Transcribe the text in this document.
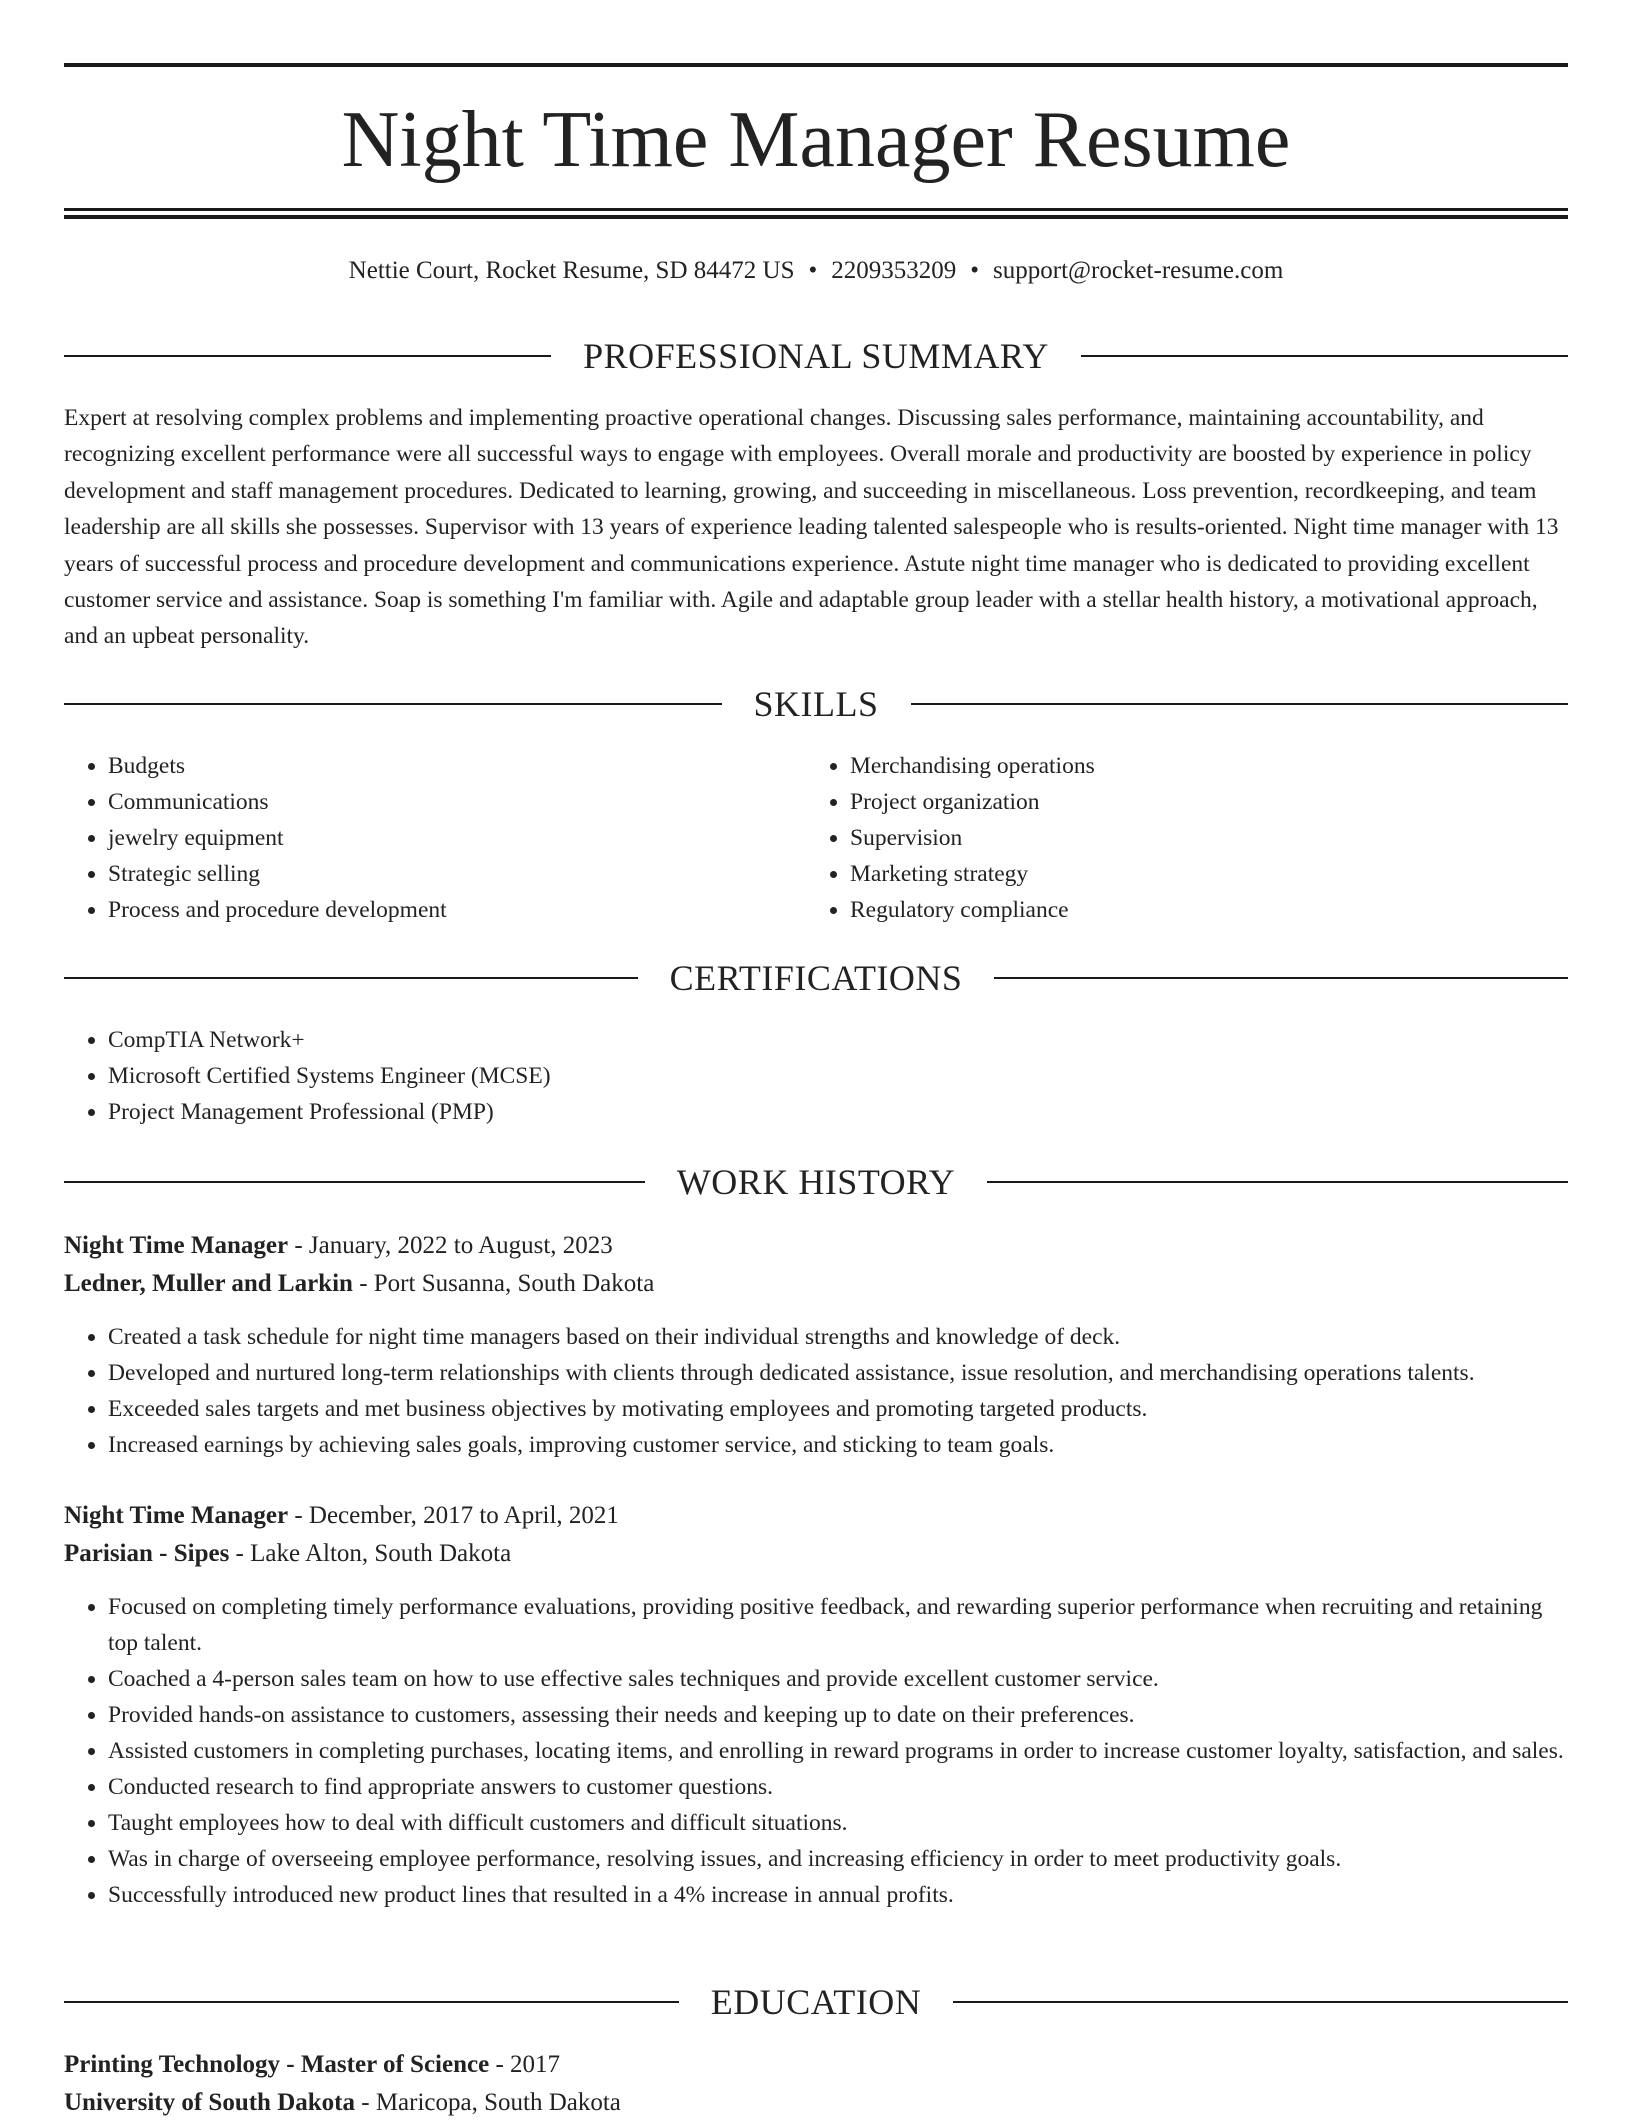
Night Time Manager Resume
Nettie Court, Rocket Resume, SD 84472 US • 2209353209 • support@rocket-resume.com
PROFESSIONAL SUMMARY

Expert at resolving complex problems and implementing proactive operational changes. Discussing sales performance, maintaining accountability, and recognizing excellent performance were all successful ways to engage with employees. Overall morale and productivity are boosted by experience in policy development and staff management procedures. Dedicated to learning, growing, and succeeding in miscellaneous. Loss prevention, recordkeeping, and team leadership are all skills she possesses. Supervisor with 13 years of experience leading talented salespeople who is results-oriented. Night time manager with 13 years of successful process and procedure development and communications experience. Astute night time manager who is dedicated to providing excellent customer service and assistance. Soap is something I'm familiar with. Agile and adaptable group leader with a stellar health history, a motivational approach, and an upbeat personality.

SKILLS
• Budgets
• Communications
• jewelry equipment
• Strategic selling
• Process and procedure development
• Merchandising operations
• Project organization
• Supervision
• Marketing strategy
• Regulatory compliance
CERTIFICATIONS
• CompTIA Network+
• Microsoft Certified Systems Engineer (MCSE)
• Project Management Professional (PMP)
WORK HISTORY
Night Time Manager - January, 2022 to August, 2023
Ledner, Muller and Larkin - Port Susanna, South Dakota
• Created a task schedule for night time managers based on their individual strengths and knowledge of deck.
• Developed and nurtured long-term relationships with clients through dedicated assistance, issue resolution, and merchandising operations talents.
• Exceeded sales targets and met business objectives by motivating employees and promoting targeted products.
• Increased earnings by achieving sales goals, improving customer service, and sticking to team goals.
Night Time Manager - December, 2017 to April, 2021
Parisian - Sipes - Lake Alton, South Dakota
• Focused on completing timely performance evaluations, providing positive feedback, and rewarding superior performance when recruiting and retaining top talent.
• Coached a 4-person sales team on how to use effective sales techniques and provide excellent customer service.
• Provided hands-on assistance to customers, assessing their needs and keeping up to date on their preferences.
• Assisted customers in completing purchases, locating items, and enrolling in reward programs in order to increase customer loyalty, satisfaction, and sales.
• Conducted research to find appropriate answers to customer questions.
• Taught employees how to deal with difficult customers and difficult situations.
• Was in charge of overseeing employee performance, resolving issues, and increasing efficiency in order to meet productivity goals.
• Successfully introduced new product lines that resulted in a 4% increase in annual profits.
EDUCATION
Printing Technology - Master of Science - 2017
University of South Dakota - Maricopa, South Dakota
